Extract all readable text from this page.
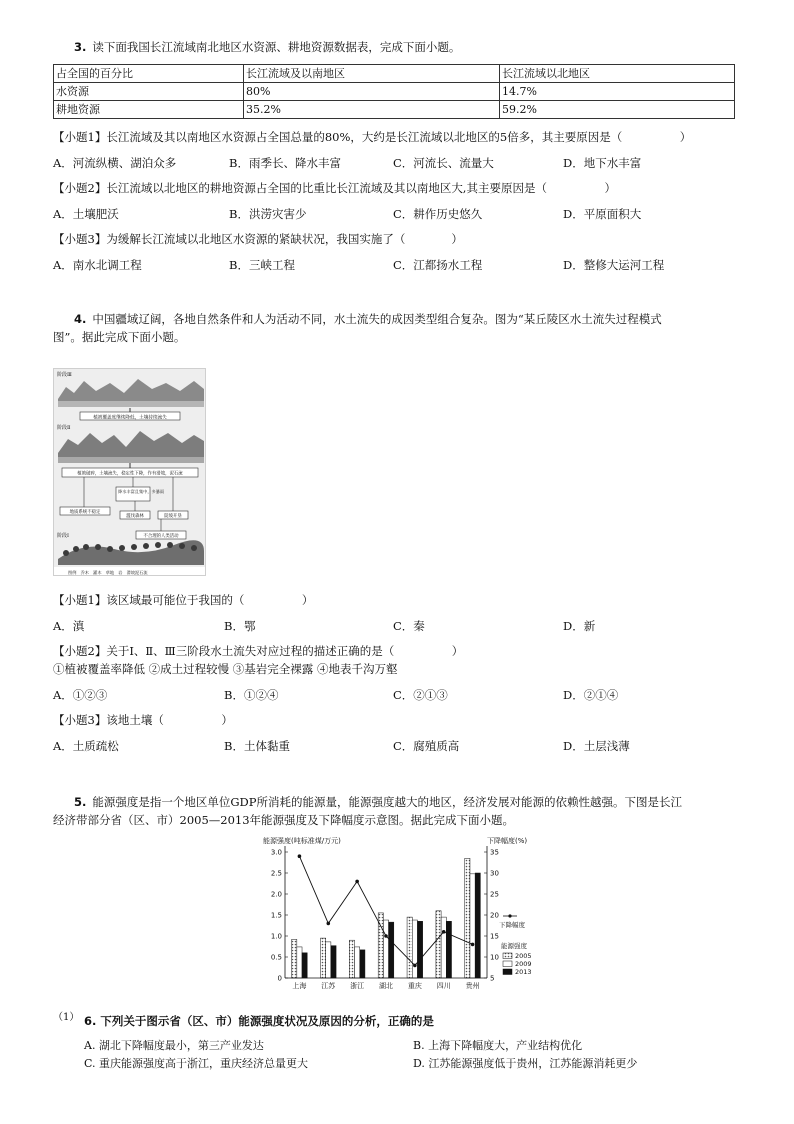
3. 读下面我国长江流域南北地区水资源、耕地资源数据表，完成下面小题。
占全国的百分比	长江流域及以南地区	长江流域以北地区
水资源	80%	14.7%
耕地资源	35.2%	59.2%
【小题1】长江流域及其以南地区水资源占全国总量的80%，大约是长江流域以北地区的5倍多，其主要原因是（　　　　　）
A．河流纵横、湖泊众多	B．雨季长、降水丰富	C．河流长、流量大	D．地下水丰富
【小题2】长江流域以北地区的耕地资源占全国的比重比长江流域及其以南地区大,其主要原因是（　　　　　）
A．土壤肥沃	B．洪涝灾害少	C．耕作历史悠久	D．平原面积大
【小题3】为缓解长江流域以北地区水资源的紧缺状况，我国实施了（　　　　）
A．南水北调工程	B．三峡工程	C．江都扬水工程	D．整修大运河工程
4. 中国疆域辽阔，各地自然条件和人为活动不同，水土流失的成因类型组合复杂。图为“某丘陵区水土流失过程模式
图”。据此完成下面小题。
植被覆盖度继续降低，土壤持续流失
阶段Ⅲ
阶段Ⅱ
植被破碎，土壤流失，稳定性下降，作有滑坡，泥石流
降水丰富且集中，多暴雨
地质系统不稳定
滥伐森林	陡坡开垦
不合理的人类活动
阶段Ⅰ
图例　乔木　灌木　草地　岩　滑坡泥石流
【小题1】该区域最可能位于我国的（　　　　　）
A．滇	B．鄂	C．秦	D．新
【小题2】关于Ⅰ、Ⅱ、Ⅲ三阶段水土流失对应过程的描述正确的是（　　　　　）
①植被覆盖率降低 ②成土过程较慢 ③基岩完全裸露 ④地表千沟万壑
A．①②③	B．①②④	C．②①③	D．②①④
【小题3】该地土壤（　　　　　）
A．土质疏松	B．土体黏重	C．腐殖质高	D．土层浅薄
5. 能源强度是指一个地区单位GDP所消耗的能源量，能源强度越大的地区，经济发展对能源的依赖性越强。下图是长江
经济带部分省（区、市）2005—2013年能源强度及下降幅度示意图。据此完成下面小题。
能源强度(吨标准煤/万元)	下降幅度(%)
0
0.5
1.0
1.5
2.0
2.5
3.0
5
10
15
20
25
30
35
上海 江苏 浙江 湖北 重庆 四川 贵州
下降幅度
能源强度
2005
2009
2013
（1） 6. 下列关于图示省（区、市）能源强度状况及原因的分析，正确的是
A. 湖北下降幅度最小，第三产业发达	B. 上海下降幅度大，产业结构优化
C. 重庆能源强度高于浙江，重庆经济总量更大	D. 江苏能源强度低于贵州，江苏能源消耗更少
